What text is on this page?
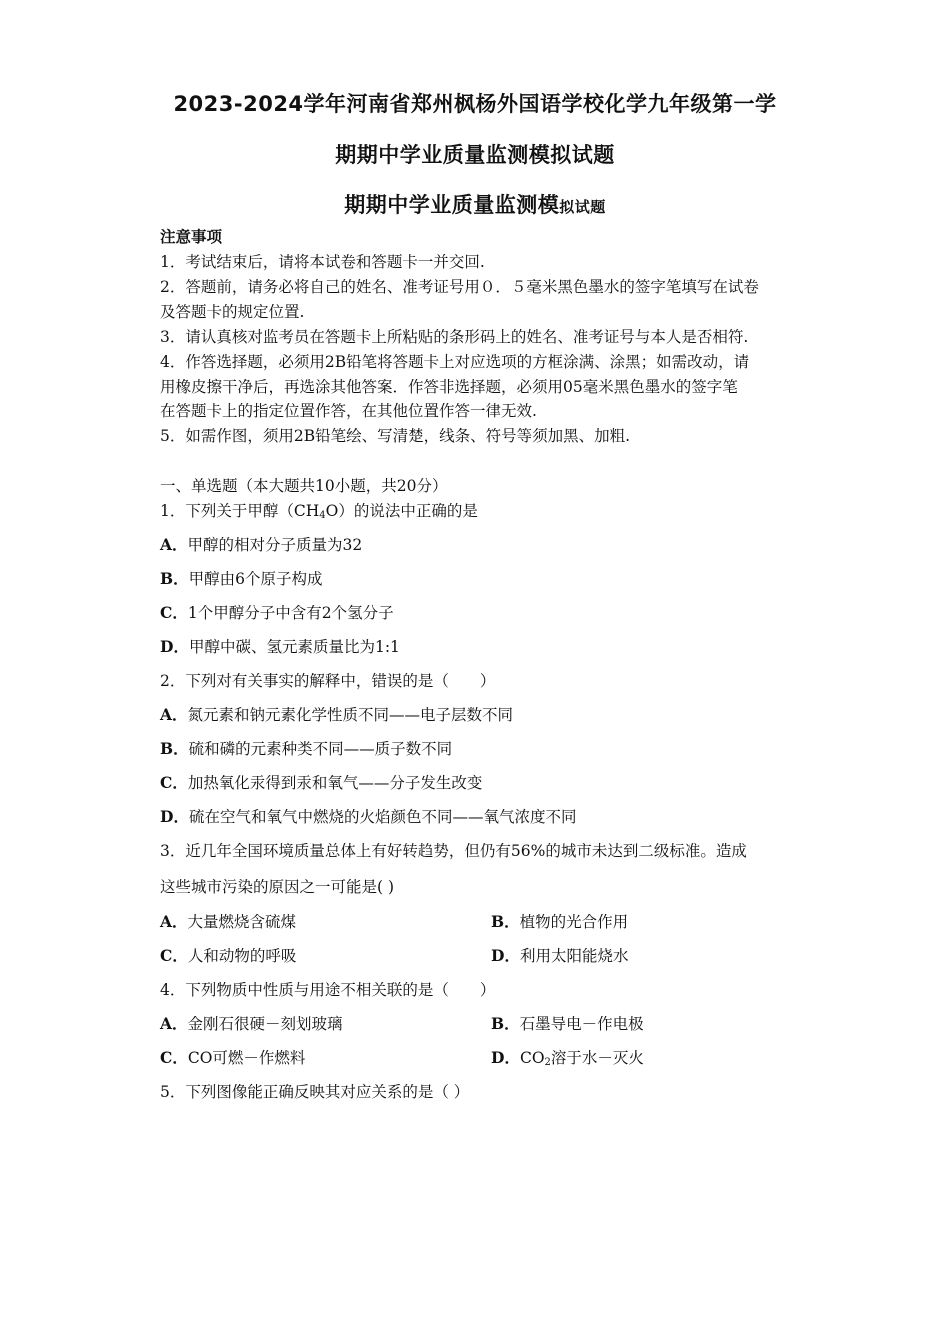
2023-2024学年河南省郑州枫杨外国语学校化学九年级第一学
期期中学业质量监测模拟试题
期期中学业质量监测模拟试题
注意事项
1．考试结束后，请将本试卷和答题卡一并交回.
2．答题前，请务必将自己的姓名、准考证号用０．５毫米黑色墨水的签字笔填写在试卷
及答题卡的规定位置.
3．请认真核对监考员在答题卡上所粘贴的条形码上的姓名、准考证号与本人是否相符.
4．作答选择题，必须用2B铅笔将答题卡上对应选项的方框涂满、涂黑；如需改动，请
用橡皮擦干净后，再选涂其他答案．作答非选择题，必须用05毫米黑色墨水的签字笔
在答题卡上的指定位置作答，在其他位置作答一律无效.
5．如需作图，须用2B铅笔绘、写清楚，线条、符号等须加黑、加粗.
一、单选题（本大题共10小题，共20分）
1．下列关于甲醇$(CH_4O)$的说法中正确的是
A．甲醇的相对分子质量为32
B．甲醇由6个原子构成
C．1个甲醇分子中含有2个氢分子
D．甲醇中碳、氢元素质量比为1:1
2．下列对有关事实的解释中，错误的是（　　）
A．氮元素和钠元素化学性质不同——电子层数不同
B．硫和磷的元素种类不同——质子数不同
C．加热氧化汞得到汞和氧气——分子发生改变
D．硫在空气和氧气中燃烧的火焰颜色不同——氧气浓度不同
3．近几年全国环境质量总体上有好转趋势，但仍有56%的城市未达到二级标准。造成
这些城市污染的原因之一可能是( )
A．大量燃烧含硫煤	B．植物的光合作用
C．人和动物的呼吸	D．利用太阳能烧水
4．下列物质中性质与用途不相关联的是（　　）
A．金刚石很硬－刻划玻璃	B．石墨导电－作电极
C．CO可燃－作燃料	D．$CO_2$溶于水－灭火
5．下列图像能正确反映其对应关系的是（ ）
